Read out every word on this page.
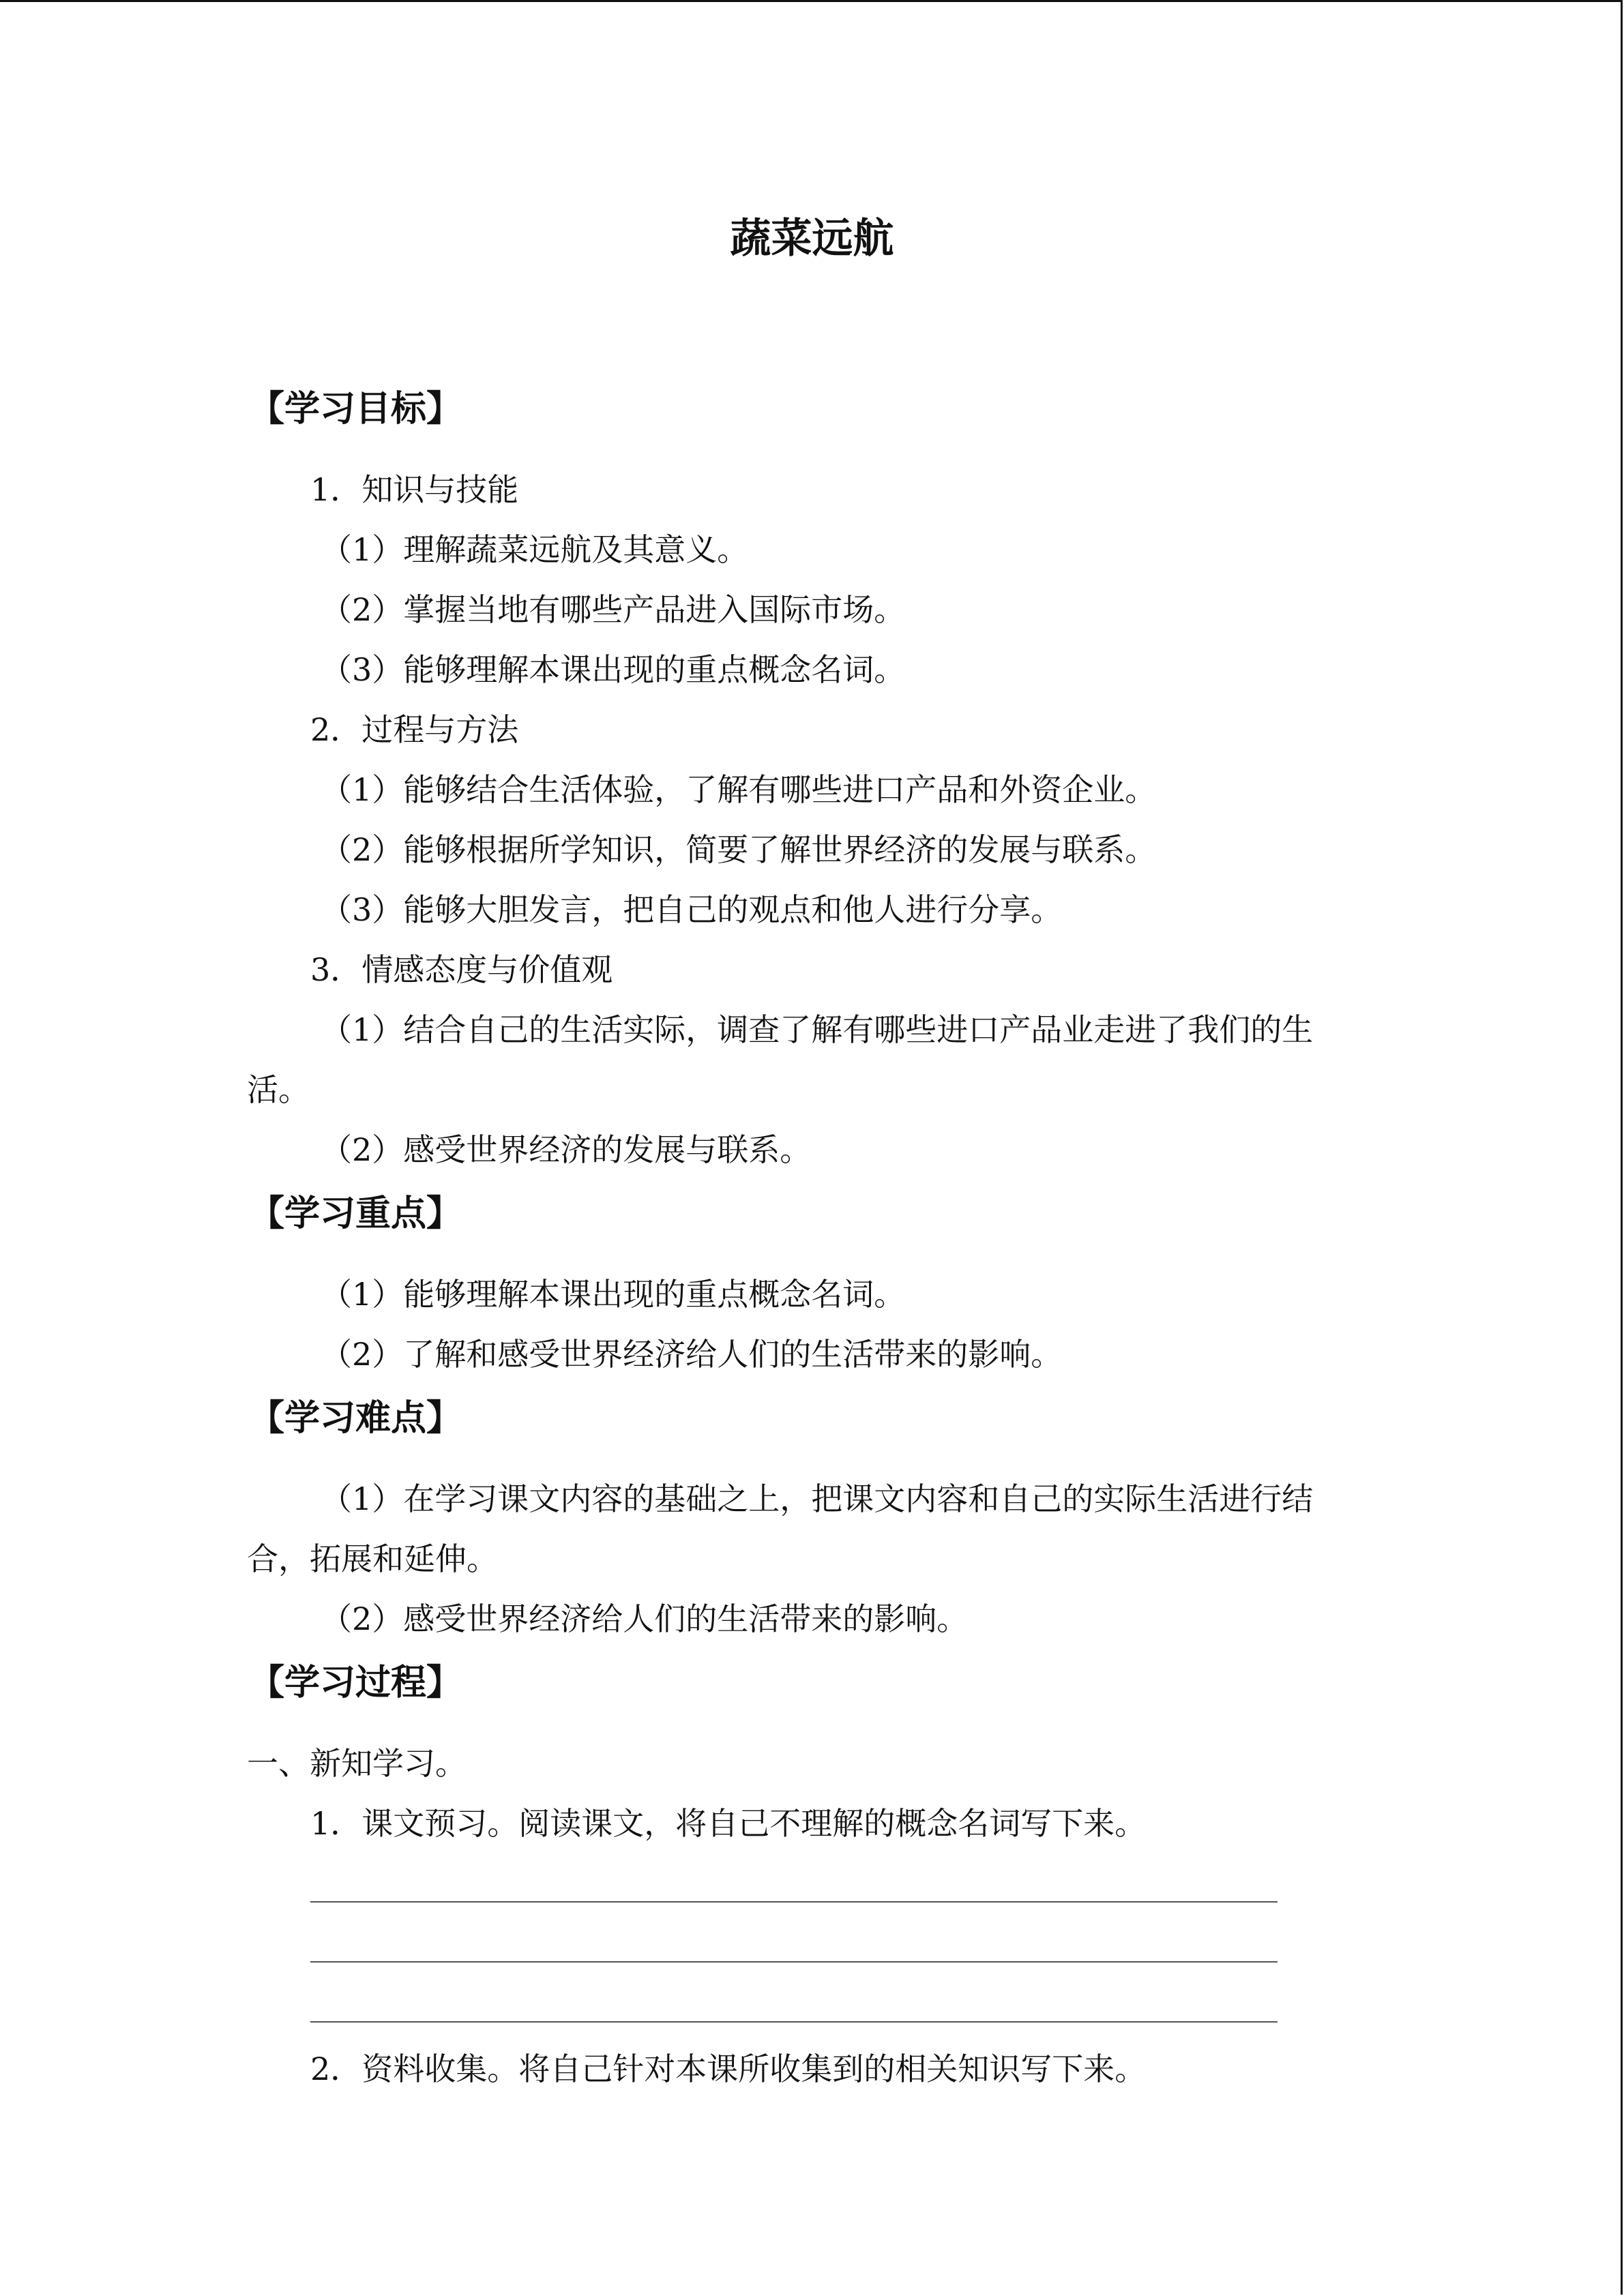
蔬菜远航
【学习目标】
1．知识与技能
（1）理解蔬菜远航及其意义。
（2）掌握当地有哪些产品进入国际市场。
（3）能够理解本课出现的重点概念名词。
2．过程与方法
（1）能够结合生活体验，了解有哪些进口产品和外资企业。
（2）能够根据所学知识，简要了解世界经济的发展与联系。
（3）能够大胆发言，把自己的观点和他人进行分享。
3．情感态度与价值观
（1）结合自己的生活实际，调查了解有哪些进口产品业走进了我们的生
活。
（2）感受世界经济的发展与联系。
【学习重点】
（1）能够理解本课出现的重点概念名词。
（2）了解和感受世界经济给人们的生活带来的影响。
【学习难点】
（1）在学习课文内容的基础之上，把课文内容和自己的实际生活进行结
合，拓展和延伸。
（2）感受世界经济给人们的生活带来的影响。
【学习过程】
一、新知学习。
1．课文预习。阅读课文，将自己不理解的概念名词写下来。
2．资料收集。将自己针对本课所收集到的相关知识写下来。
